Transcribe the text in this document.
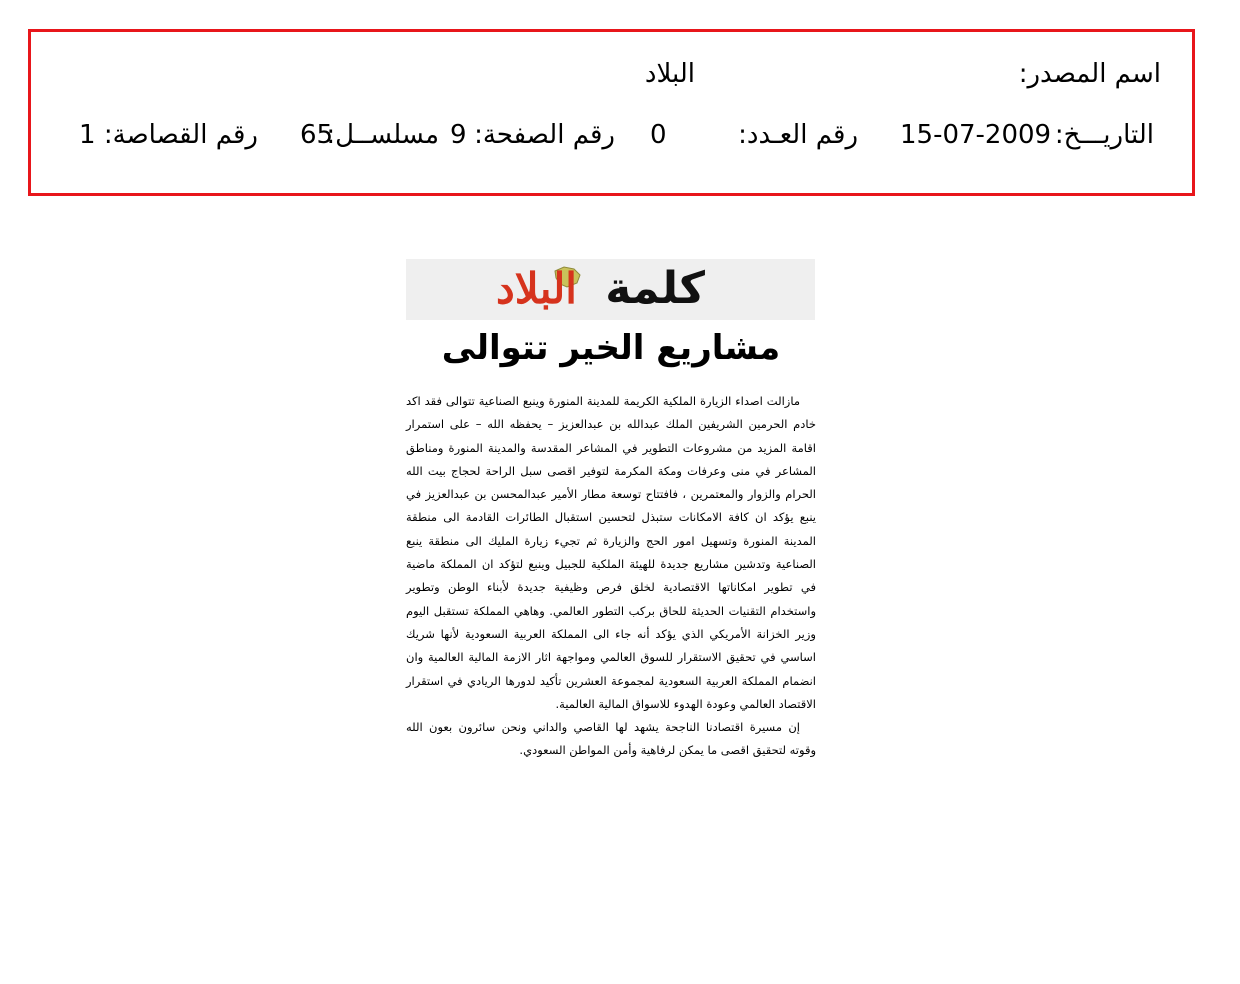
اسم المصدر:
البلاد
التاريـــخ:
15-07-2009
رقم العـدد:
0
رقم الصفحة:
9
مسلســل:
65
رقم القصاصة:
1
كلمة
البلاد
مشاريع الخير تتوالى

مازالت اصداء الزيارة الملكية الكريمة للمدينة المنورة وينبع الصناعية تتوالى فقد اكد خادم الحرمين الشريفين الملك عبدالله بن عبدالعزيز – يحفظه الله – على استمرار اقامة المزيد من مشروعات التطوير في المشاعر المقدسة والمدينة المنورة ومناطق المشاعر في منى وعرفات ومكة المكرمة لتوفير اقصى سبل الراحة لحجاج بيت الله الحرام والزوار والمعتمرين ، فافتتاح توسعة مطار الأمير عبدالمحسن بن عبدالعزيز في ينبع يؤكد ان كافة الامكانات ستبذل لتحسين استقبال الطائرات القادمة الى منطقة المدينة المنورة وتسهيل امور الحج والزيارة ثم تجيء زيارة المليك الى منطقة ينبع الصناعية وتدشين مشاريع جديدة للهيئة الملكية للجبيل وينبع لتؤكد ان المملكة ماضية في تطوير امكاناتها الاقتصادية لخلق فرص وظيفية جديدة لأبناء الوطن وتطوير واستخدام التقنيات الحديثة للحاق بركب التطور العالمي. وهاهي المملكة تستقبل اليوم وزير الخزانة الأمريكي الذي يؤكد أنه جاء الى المملكة العربية السعودية لأنها شريك اساسي في تحقيق الاستقرار للسوق العالمي ومواجهة اثار الازمة المالية العالمية وان انضمام المملكة العربية السعودية لمجموعة العشرين تأكيد لدورها الريادي في استقرار الاقتصاد العالمي وعودة الهدوء للاسواق المالية العالمية.

إن مسيرة اقتصادنا الناجحة يشهد لها القاصي والداني ونحن سائرون بعون الله وقوته لتحقيق اقصى ما يمكن لرفاهية وأمن المواطن السعودي.
